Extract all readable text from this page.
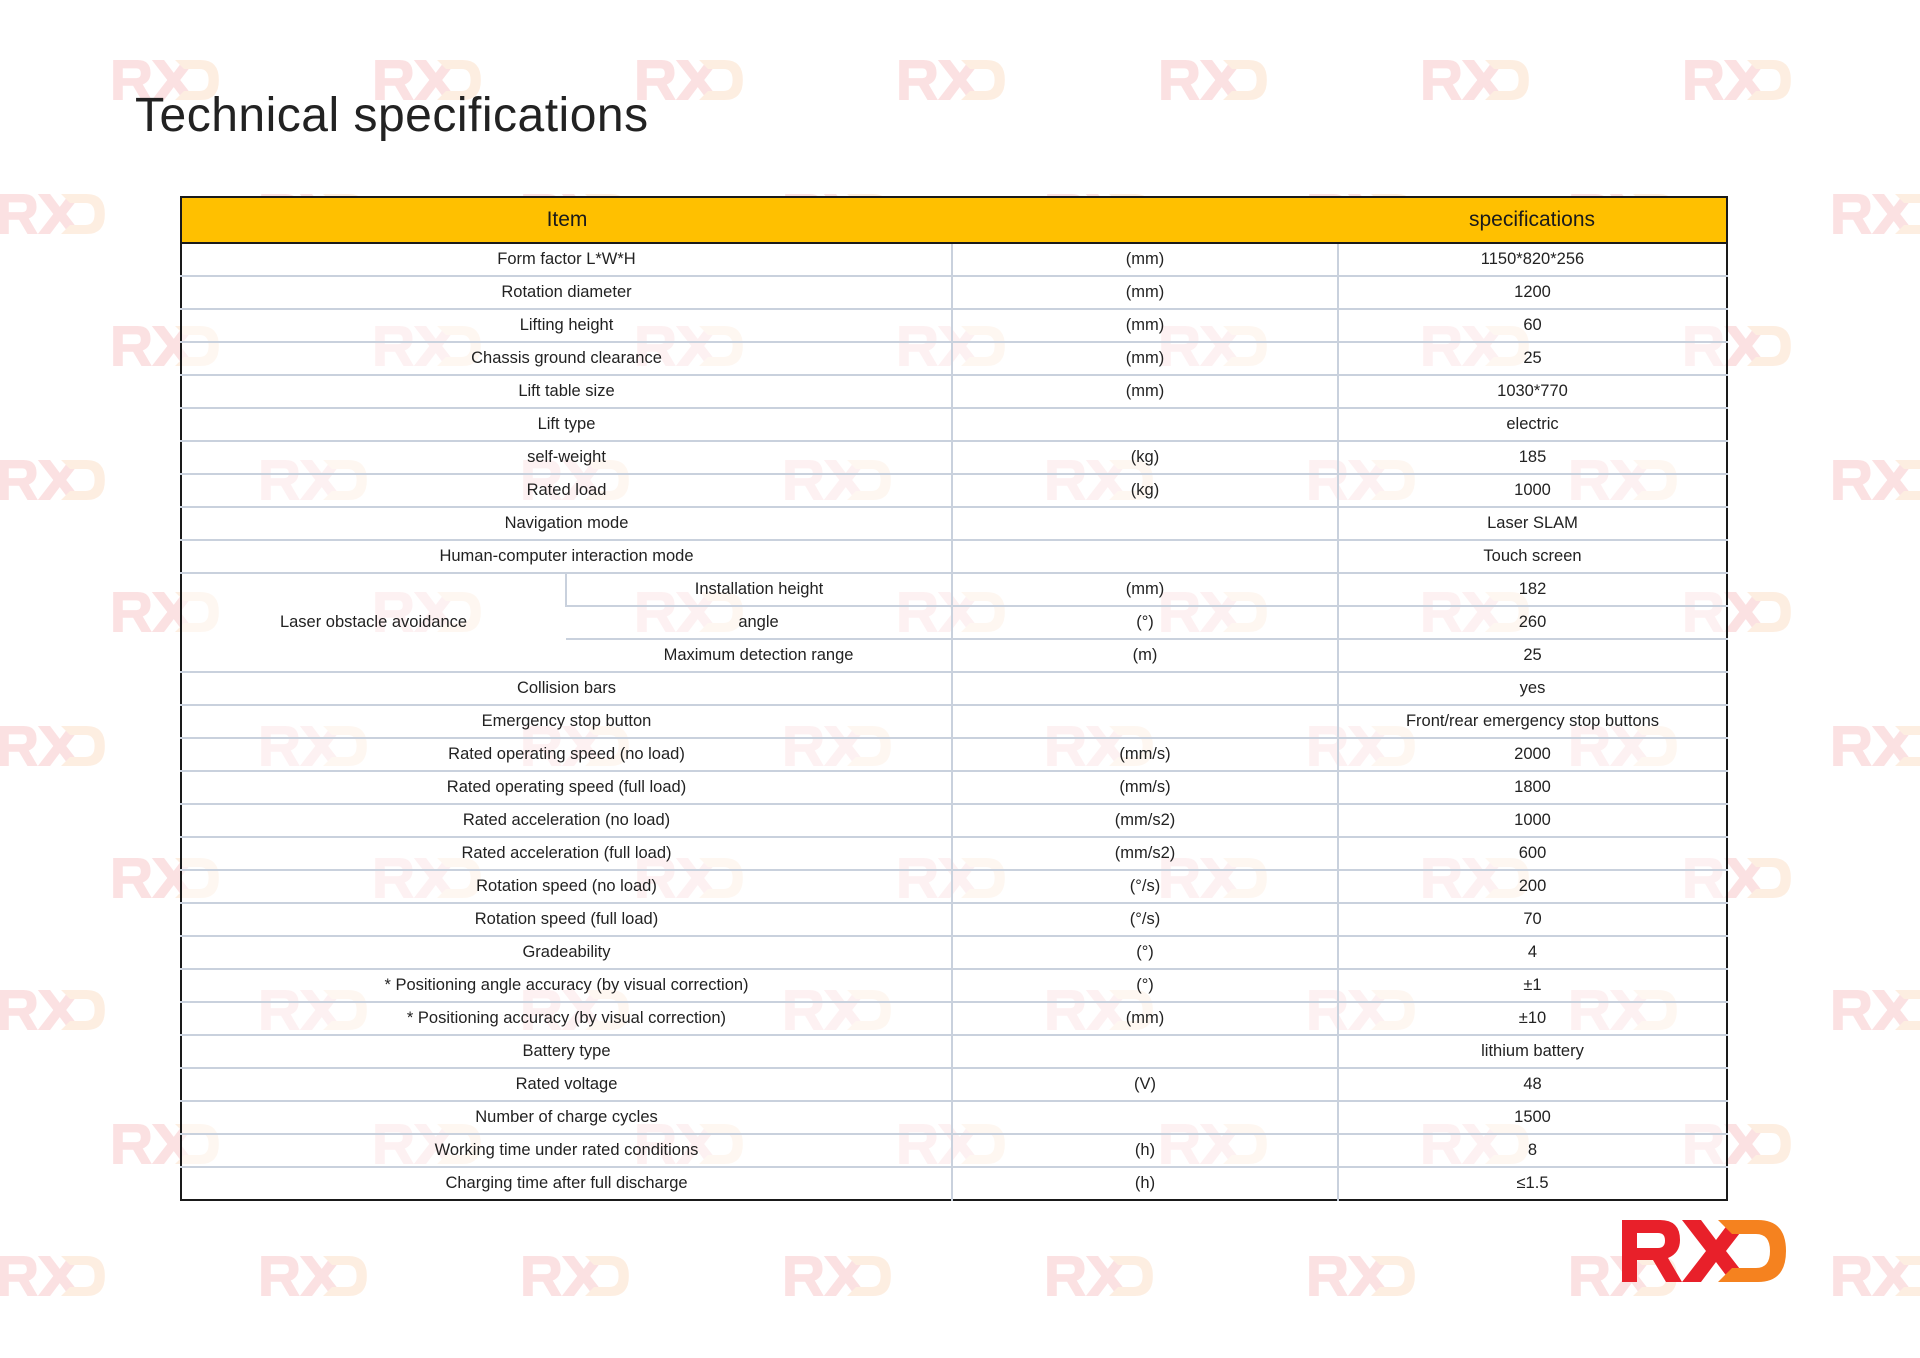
Technical specifications
Item			specifications
Form factor L*W*H		(mm)	1150*820*256
Rotation diameter		(mm)	1200
Lifting height		(mm)	60
Chassis ground clearance		(mm)	25
Lift table size		(mm)	1030*770
Lift type			electric
self-weight		(kg)	185
Rated load		(kg)	1000
Navigation mode			Laser SLAM
Human-computer interaction mode			Touch screen
Laser obstacle avoidance	Installation height	(mm)	182
	angle	(°)	260
	Maximum detection range	(m)	25
Collision bars			yes
Emergency stop button			Front/rear emergency stop buttons
Rated operating speed (no load)		(mm/s)	2000
Rated operating speed (full load)		(mm/s)	1800
Rated acceleration (no load)		(mm/s2)	1000
Rated acceleration (full load)		(mm/s2)	600
Rotation speed (no load)		(°/s)	200
Rotation speed (full load)		(°/s)	70
Gradeability		(°)	4
* Positioning angle accuracy (by visual correction)		(°)	±1
* Positioning accuracy (by visual correction)		(mm)	±10
Battery type			lithium battery
Rated voltage		(V)	48
Number of charge cycles			1500
Working time under rated conditions		(h)	8
Charging time after full discharge		(h)	≤1.5
